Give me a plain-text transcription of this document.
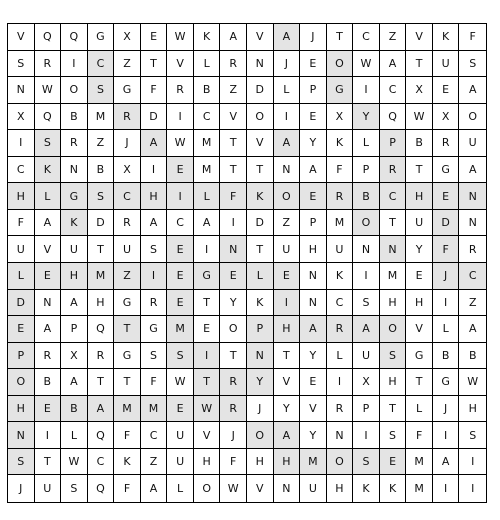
V	Q	Q	G	X	E	W	K	A	V	A	J	T	C	Z	V	K	F
S	R	I	C	Z	T	V	L	R	N	J	E	O	W	A	T	U	S
N	W	O	S	G	F	R	B	Z	D	L	P	G	I	C	X	E	A
X	Q	B	M	R	D	I	C	V	O	I	E	X	Y	Q	W	X	O
I	S	R	Z	J	A	W	M	T	V	A	Y	K	L	P	B	R	U
C	K	N	B	X	I	E	M	T	T	N	A	F	P	R	T	G	A
H	L	G	S	C	H	I	L	F	K	O	E	R	B	C	H	E	N
F	A	K	D	R	A	C	A	I	D	Z	P	M	O	T	U	D	N
U	V	U	T	U	S	E	I	N	T	U	H	U	N	N	Y	F	R
L	E	H	M	Z	I	E	G	E	L	E	N	K	I	M	E	J	C
D	N	A	H	G	R	E	T	Y	K	I	N	C	S	H	H	I	Z
E	A	P	Q	T	G	M	E	O	P	H	A	R	A	O	V	L	A
P	R	X	R	G	S	S	I	T	N	T	Y	L	U	S	G	B	B
O	B	A	T	T	F	W	T	R	Y	V	E	I	X	H	T	G	W
H	E	B	A	M	M	E	W	R	J	Y	V	R	P	T	L	J	H
N	I	L	Q	F	C	U	V	J	O	A	Y	N	I	S	F	I	S
S	T	W	C	K	Z	U	H	F	H	H	M	O	S	E	M	A	I
J	U	S	Q	F	A	L	O	W	V	N	U	H	K	K	M	I	I
